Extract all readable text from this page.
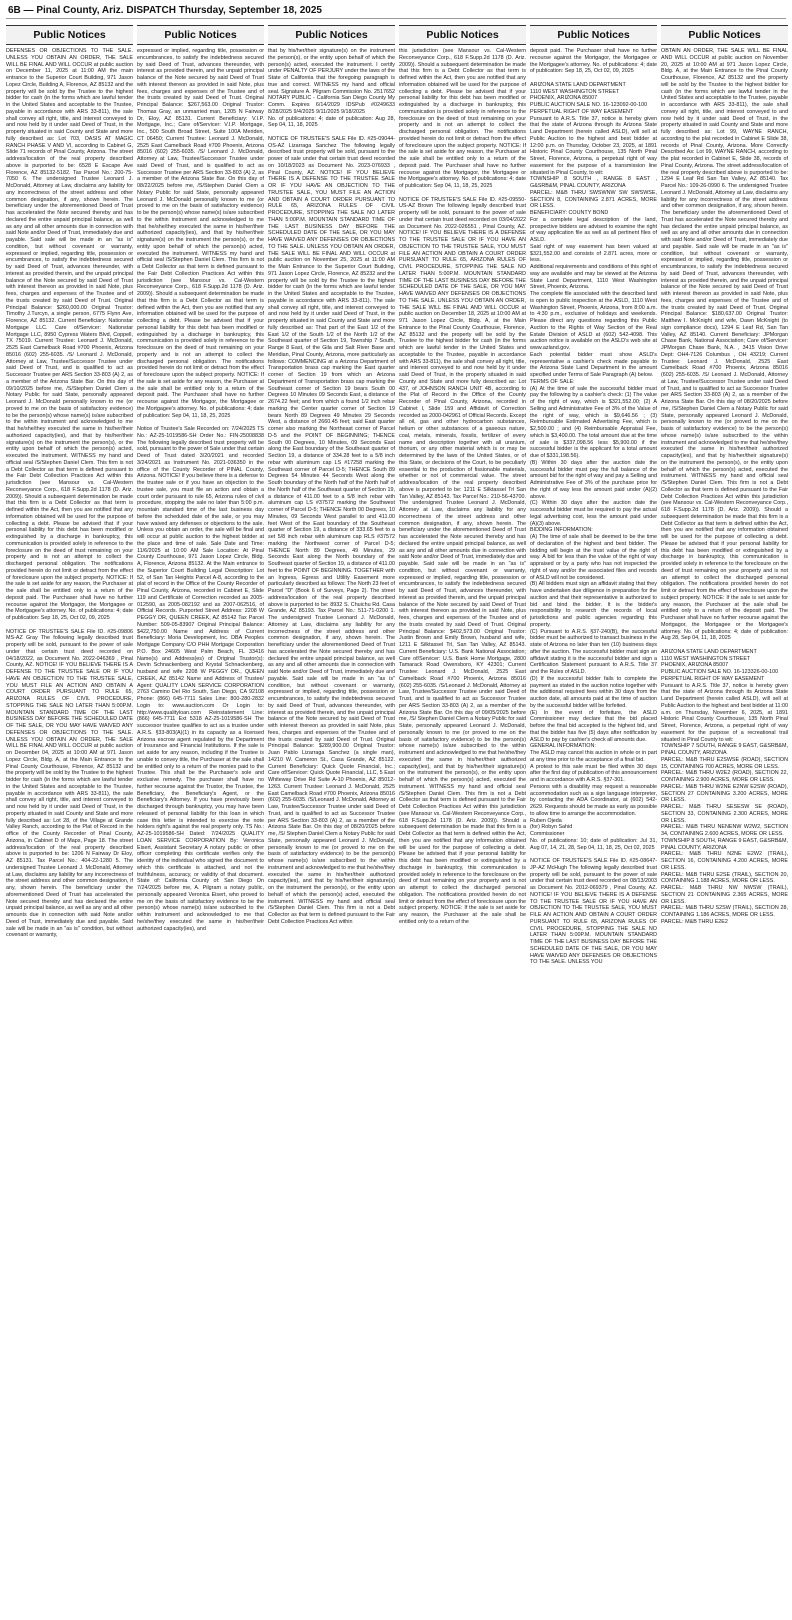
6B — Pinal County, Ariz. DISPATCH Thursday, September 18, 2025
Public Notices
DEFENSES OR OBJECTIONS TO THE SALE. UNLESS YOU OBTAIN AN ORDER, THE SALE WILL BE FINAL AND WILL OCCUR at public auction on December 11, 2025 at 11:00 AM the main entrance to the Superior Court Building, 971 Jason Lopez Circle, Building A, Florence, AZ 85132 and the property will be sold by the Trustee to the highest bidder for cash (in the forms which are lawful tender in the United States and acceptable to the Trustee, payable in accordance with ARS 33-811), the sale shall convey all right, title, and interest conveyed to and now held by it under said Deed of Trust, in the property situated in said County and State and more fully described as: Lot 703, OASIS AT MAGIC RANCH PHASE V AND VI, according to Cabinet G, Slide 71 records of Pinal County, Arizona. The street address/location of the real property described above is purported to be: 6528 E Escape Ave Florence, AZ 85132-5182. Tax Parcel No.: 200-75-7050 6. The undersigned Trustee Leonard J. McDonald, Attorney at Law, disclaims any liability for any incorrectness of the street address and other common designation, if any, shown herein. The beneficiary under the aforementioned Deed of Trust has accelerated the Note secured thereby and has declared the entire unpaid principal balance, as well as any and all other amounts due in connection with said Note and/or Deed of Trust, immediately due and payable. Said sale will be made in an "as is" condition, but without covenant or warranty, expressed or implied, regarding title, possession or encumbrances, to satisfy the indebtedness secured by said Deed of Trust, advances thereunder, with interest as provided therein, and the unpaid principal balance of the Note secured by said Deed of Trust with interest thereon as provided in said Note, plus fees, charges and expenses of the Trustee and of the trusts created by said Deed of Trust. Original Principal Balance: $260,000.00 Original Trustor: Timothy J.Turcyn, a single person, 6775 Flynn Ave, Florence, AZ 85132. Current Beneficiary: Nationstar Mortgage LLC. Care of/Servicer: Nationstar Mortgage LLC, 8950 Cypress Waters Blvd, Coppell, TX 75019. Current Trustee: Leonard J. McDonald, 2525 East Camelback Road #700 Phoenix, Arizona 85016 (602) 255-6035. /S/ Leonard J. McDonald, Attorney at Law, Trustee/Successor Trustee under said Deed of Trust, and is qualified to act as Successor Trustee per ARS Section 33-803 (A) 2, as a member of the Arizona State Bar. On this day of 09/10/2025 before me, /S/Stephen Daniel Clem a Notary Public for said State, personally appeared Leonard J. McDonald personally known to me (or proved to me on the basis of satisfactory evidence) to be the person(s) whose name(s) is/are subscribed to the within instrument and acknowledged to me that he/she/they executed the same in his/her/their authorized capacity(ies), and that by his/her/their signature(s) on the instrument the person(s), or the entity upon behalf of which the person(s) acted, executed the instrument. WITNESS my hand and official seal /S/Stephen Daniel Clem. This firm is not a Debt Collector as that term is defined pursuant to the Fair Debt Collection Practices Act within this jurisdiction (see Mansour vs. Cal-Western Reconveyance Corp., 618 F.Supp.2d 1178 (D. Ariz. 2009)). Should a subsequent determination be made that this firm is a Debt Collector as that term is defined within the Act, then you are notified that any information obtained will be used for the purpose of collecting a debt. Please be advised that if your personal liability for this debt has been modified or extinguished by a discharge in bankruptcy, this communication is provided solely in reference to the foreclosure on the deed of trust remaining on your property and is not an attempt to collect the discharged personal obligation. The notifications provided herein do not limit or detract from the effect of foreclosure upon the subject property. NOTICE: If the sale is set aside for any reason, the Purchaser at the sale shall be entitled only to a return of the deposit paid. The Purchaser shall have no further recourse against the Mortgagor, the Mortgagee or the Mortgagee's attorney. No. of publications: 4; date of publication: Sep 18, 25, Oct 02, 09, 2025

NOTICE OF TRUSTEE'S SALE File ID. #25-09806 MS-AZ Gray The following legally described trust property will be sold, pursuant to the power of sale under that certain trust deed recorded on 04/18/2022, as Document No. 2022-046369 , Pinal County, AZ. NOTICE! IF YOU BELIEVE THERE IS A DEFENSE TO THE TRUSTEE SALE OR IF YOU HAVE AN OBJECTION TO THE TRUSTEE SALE, YOU MUST FILE AN ACTION AND OBTAIN A COURT ORDER PURSUANT TO RULE 65, ARIZONA RULES OF CIVIL PROCEDURE, STOPPING THE SALE NO LATER THAN 5:00P.M. MOUNTAIN STANDARD TIME OF THE LAST BUSINESS DAY BEFORE THE SCHEDULED DATE OF THE SALE, OR YOU MAY HAVE WAIVED ANY DEFENSES OR OBJECTIONS TO THE SALE. UNLESS YOU OBTAIN AN ORDER, THE SALE WILL BE FINAL AND WILL OCCUR at public auction on December 04, 2025 at 10:00 AM at 971 Jason Lopez Circle, Bldg. A, at the Main Entrance to the Pinal County Courthouse, Florence, AZ 85132 and the property will be sold by the Trustee to the highest bidder for cash (in the forms which are lawful tender in the United States and acceptable to the Trustee, payable in accordance with ARS 33-811), the sale shall convey all right, title, and interest conveyed to and now held by it under said Deed of Trust, in the property situated in said County and State and more fully described as: Lot 28, of the Village at Grande Valley Ranch, according to the Plat of Record in the office of the County Recorder of Pinal County, Arizona, in Cabinet D of Maps, Page 18. The street address/location of the real property described above is purported to be: 1206 N Fairway Dr Eloy, AZ 85131. Tax Parcel No.: 404-22-1280 5. The undersigned Trustee Leonard J. McDonald, Attorney at Law, disclaims any liability for any incorrectness of the street address and other common designation, if any, shown herein. The beneficiary under the aforementioned Deed of Trust has accelerated the Note secured thereby and has declared the entire unpaid principal balance, as well as any and all other amounts due in connection with said Note and/or Deed of Trust, immediately due and payable. Said sale will be made in an "as is" condition, but without covenant or warranty,
Public Notices
expressed or implied, regarding title, possession or encumbrances, to satisfy the indebtedness secured by said Deed of Trust, advances thereunder, with interest as provided therein, and the unpaid principal balance of the Note secured by said Deed of Trust with interest thereon as provided in said Note, plus fees, charges and expenses of the Trustee and of the trusts created by said Deed of Trust. Original Principal Balance: $267,563.00 Original Trustor: Thomas Gray, an unmarried man, 1205 N Fairway Dr, Eloy, AZ 85131. Current Beneficiary: V.I.P. Mortgage, Inc.; Care of/Servicer: V.I.P. Mortgage, Inc., 500 South Broad Street, Suite 100A Meriden, CT 06450; Current Trustee: Leonard J. McDonald, 2525 East Camelback Road #700 Phoenix, Arizona 85016 (602) 255-6035. /S/ Leonard J. McDonald, Attorney at Law, Trustee/Successor Trustee under said Deed of Trust, and is qualified to act as Successor Trustee per ARS Section 33-803 (A) 2, as a member of the Arizona State Bar. On this day of 08/22/2025 before me, /S/Stephen Daniel Clem a Notary Public for said State, personally appeared Leonard J. McDonald personally known to me (or proved to me on the basis of satisfactory evidence) to be the person(s) whose name(s) is/are subscribed to the within instrument and acknowledged to me that he/she/they executed the same in his/her/their authorized capacity(ies), and that by his/her/their signature(s) on the instrument the person(s), or the entity upon behalf of which the person(s) acted, executed the instrument. WITNESS my hand and official seal /S/Stephen Daniel Clem. This firm is not a Debt Collector as that term is defined pursuant to the Fair Debt Collection Practices Act within this jurisdiction (see Mansour vs. Cal-Western Reconveyance Corp., 618 F.Supp.2d 1178 (D. Ariz. 2009)). Should a subsequent determination be made that this firm is a Debt Collector as that term is defined within the Act, then you are notified that any information obtained will be used for the purpose of collecting a debt. Please be advised that if your personal liability for this debt has been modified or extinguished by a discharge in bankruptcy, this communication is provided solely in reference to the foreclosure on the deed of trust remaining on your property and is not an attempt to collect the discharged personal obligation. The notifications provided herein do not limit or detract from the effect of foreclosure upon the subject property. NOTICE: If the sale is set aside for any reason, the Purchaser at the sale shall be entitled only to a return of the deposit paid. The Purchaser shall have no further recourse against the Mortgagor, the Mortgagee or the Mortgagee's attorney. No. of publications: 4; date of publication: Sep 04, 11, 18, 25, 2025

Notice of Trustee's Sale Recorded on: 7/24/2025 TS No.: AZ-25-1019586-SH Order No.: FIN-25008838 The following legally described trust property will be sold, pursuant to the power of Sale under that certain Deed of Trust dated 3/20/2021 and recorded 3/24/2021 as Instrument No. 2021-036350 in the office of the County Recorder of PINAL County, Arizona. NOTICE! If you believe there is a defense to the trustee sale or if you have an objection to the trustee sale, you must file an action and obtain a court order pursuant to rule 65, Arizona rules of civil procedure, stopping the sale no later than 5:00 p.m. mountain standard time of the last business day before the scheduled date of the sale, or you may have waived any defenses or objections to the sale. Unless you obtain an order, the sale will be final and will occur at public auction to the highest bidder at the place and time of sale. Sale Date and Time: 11/6/2025 at 10:00 AM Sale Location: At Pinal County Courthouse, 971 Jason Lopez Circle, Bldg. A, Florence, Arizona 85132. At the Main entrance to the Superior Court Building Legal Description: Lot 52, of San Tan Heights Parcel A-8, according to the plat of record in the Office of the County Recorder of Pinal County, Arizona, recorded in Cabinet E, Slide 119 and Certificate of Correction recorded as 2005-012590, as 2005-082192 and as 2007-062516, of Official Records. Purported Street Address: 2208 W PEGGY DR, QUEEN CREEK, AZ 85142 Tax Parcel Number: 509-05-83907 Original Principal Balance: $422,750.00 Name and Address of Current Beneficiary: Moria Development, Inc. DBA Peoples Mortgage Company C/O PHH Mortgage Corporation P.O. Box 24605 West Palm Beach, FL 33416 Name(s) and Address(es) of Original Trustor(s): Devin Schnackenberg and Krystal Schnackenberg, husband and wife 2208 W PEGGY DR., QUEEN CREEK, AZ 85142 Name and Address of Trustee/ Agent: QUALITY LOAN SERVICE CORPORATION 2763 Camino Del Rio South, San Diego, CA 92108 Phone: (866) 645-7711 Sales Line: 800-280-2832 Login to: www.auction.com Or Login to: http://www.qualityloan.com Reinstatement Line: (866) 645-7711 Ext 5318 AZ-25-1019586-SH The successor trustee qualifies to act as a trustee under A.R.S. §33-803(A)(1) in its capacity as a licensed Arizona escrow agent regulated by the Department of Insurance and Financial Institutions. If the sale is set aside for any reason, including if the Trustee is unable to convey title, the Purchaser at the sale shall be entitled only to a return of the monies paid to the Trustee. This shall be the Purchaser's sole and exclusive remedy. The purchaser shall have no further recourse against the Trustor, the Trustee, the Beneficiary, the Beneficiary's Agent, or the Beneficiary's Attorney. If you have previously been discharged through bankruptcy, you may have been released of personal liability for this loan in which case this letter is intended to exercise the note holders right's against the real property only. TS No.: AZ-25-1019586-SH Dated: 7/24/2025 QUALITY LOAN SERVICE CORPORATION By: Veronica Eisert, Assistant Secretary A notary public or other officer completing this certificate verifies only the identity of the individual who signed the document to which this certificate is attached, and not the truthfulness, accuracy, or validity of that document. State of: California County of: San Diego On 7/24/2025 before me, A. Pilgram a notary public, personally appeared Veronica Eisert, who proved to me on the basis of satisfactory evidence to be the person(s) whose name(s) is/are subscribed to the within instrument and acknowledged to me that he/she/they executed the same in his/her/their authorized capacity(ies), and
Public Notices
that by his/her/their signature(s) on the instrument the person(s), or the entity upon behalf of which the person(s) acted, executed the instrument. I certify under PENALTY OF PERJURY under the laws of the State of California that the foregoing paragraph is true and correct. WITNESS my hand and official seal. Signature A. Pilgram Commission No. 2517652 NOTARY PUBLIC - California San Diego County My Comm. Expires 6/14/2029 IDSPub #0249633 8/28/2025 9/4/2025 9/11/2025 9/18/2025
No. of publications: 4; date of publication: Aug 28, Sep 04, 11, 18, 2025

NOTICE OF TRUSTEE'S SALE File ID. #25-09044-OS-AZ Lizarraga Sanchez The following legally described trust property will be sold, pursuant to the power of sale under that certain trust deed recorded on 10/18/2023 as Document No. 2023-076933 , Pinal County, AZ. NOTICE! IF YOU BELIEVE THERE IS A DEFENSE TO THE TRUSTEE SALE OR IF YOU HAVE AN OBJECTION TO THE TRUSTEE SALE, YOU MUST FILE AN ACTION AND OBTAIN A COURT ORDER PURSUANT TO RULE 65, ARIZONA RULES OF CIVIL PROCEDURE, STOPPING THE SALE NO LATER THAN 5:00P.M. MOUNTAIN STANDARD TIME OF THE LAST BUSINESS DAY BEFORE THE SCHEDULED DATE OF THE SALE, OR YOU MAY HAVE WAIVED ANY DEFENSES OR OBJECTIONS TO THE SALE. UNLESS YOU OBTAIN AN ORDER, THE SALE WILL BE FINAL AND WILL OCCUR at public auction on November 25, 2025 at 11:00 AM the Main Entrance to the Superior Court Building, 971 Jason Lopez Circle, Florence, AZ 85232 and the property will be sold by the Trustee to the highest bidder for cash (in the forms which are lawful tender in the United States and acceptable to the Trustee, payable in accordance with ARS 33-811). The sale shall convey all right, title, and interest conveyed to and now held by it under said Deed of Trust, in the property situated in said County and State and more fully described as: That part of the East 1/2 of the East 1/2 of the South 1/2 of the North 1/2 of the Southeast quarter of Section 19, Township 7 South, Range 8 East, of the Gila and Salt River Base and Meridian, Pinal County, Arizona, more particularly as follows: COMMENCING at a Arizona Department of Transportation brass cap marking the East quarter corner of Section 19 from which an Arizona Department of Transportation brass cap marking the Southeast corner of Section 19 bears South 00 Degrees 10 Minutes 09 Seconds East, a distance of 2674.22 feet; and from which a found 1/2 inch rebar marking the Center quarter corner of Section 19 bears North 89 Degrees 49 Minutes 29 Seconds West, a distance of 2660.45 feet; said East quarter corner also marking the Northeast corner of Parcel D-5 and the POINT OF BEGINNING; THENCE South 00 Degrees, 10 Minutes, 09 Seconds East along the East boundary of the Southeast quarter of Section 19, a distance of 334.28 feet to a 5/8 inch rebar with aluminum cap LS #17258 marking the Southeast corner of Parcel D-5; THENCE South 89 Degrees 54 Minutes 44 Seconds West along the South boundary of the North half of the North half of the North half of the Southeast quarter of Section 19, a distance of 411.00 feet to a 5/8 inch rebar with aluminum cap LS #37572 marking the Southwest corner of Parcel D-5; THENCE North 00 Degrees, 10 Minutes, 09 Seconds West parallel to and 411.00 feet West of the East boundary of the Southeast quarter of Section 19, a distance of 333.65 feet to a set 5/8 inch rebar with aluminum cap RLS #37572 marking the Northwest corner of Parcel D-5; THENCE North 89 Degrees, 49 Minutes, 29 Seconds East along the North boundary of the Southeast quarter of Section 19, a distance of 411.00 feet to the POINT OF BEGINNING. TOGETHER with an Ingress, Egress and Utility Easement more particularly described as follows: The North 23 feet of Parcel "D" (Book 6 of Surveys, Page 2). The street address/location of the real property described above is purported to be: 8932 S. Chuichu Rd. Casa Grande, AZ 85193. Tax Parcel No.: 511-71-0200 1. The undersigned Trustee Leonard J. McDonald, Attorney at Law, disclaims any liability for any incorrectness of the street address and other common designation, if any, shown herein. The beneficiary under the aforementioned Deed of Trust has accelerated the Note secured thereby and has declared the entire unpaid principal balance, as well as any and all other amounts due in connection with said Note and/or Deed of Trust, immediately due and payable. Said sale will be made in an "as is" condition, but without covenant or warranty, expressed or implied, regarding title, possession or encumbrances, to satisfy the indebtedness secured by said Deed of Trust, advances thereunder, with interest as provided therein, and the unpaid principal balance of the Note secured by said Deed of Trust with interest thereon as provided in said Note, plus fees, charges and expenses of the Trustee and of the trusts created by said Deed of Trust. Original Principal Balance: $289,900.00 Original Trustor: Juan Pablo Lizarraga Sanchez (a single man), 14210 W. Cameron St., Casa Grande, AZ 85122. Current Beneficiary: Quick Quote Financial, Inc.; Care of/Servicer: Quick Quote Financial, LLC, 5 East Whiteway Drive Rd Suite A-10 Phoenix, AZ 85012-1263. Current Trustee: Leonard J. McDonald, 2525 East Camelback Road #700 Phoenix, Arizona 85016 (602) 255-6035. /S/Leonard J. McDonald, Attorney at Law, Trustee/Successor Trustee under said Deed of Trust, and is qualified to act as Successor Trustee per ARS Section 33-803 (A) 2, as a member of the Arizona State Bar. On this day of 08/20/2025 before me, /S/ Stephen Daniel Clem a Notary Public for said State, personally appeared Leonard J. McDonald, personally known to me (or proved to me on the basis of satisfactory evidence) to be the person(s) whose name(s) is/are subscribed to the within instrument and acknowledged to me that he/she/they executed the same in his/her/their authorized capacity(ies), and that by his/her/their signature(s) on the instrument the person(s), or the entity upon behalf of which the person(s) acted, executed the instrument. WITNESS my hand and official seal /S/Stephen Daniel Clem. This firm is not a Debt Collector as that term is defined pursuant to the Fair Debt Collection Practices Act within
Public Notices
this jurisdiction (see Mansour vs. Cal-Western Reconveyance Corp., 618 F.Supp.2d 1178 (D. Ariz. 2009)). Should a subsequent determination be made that this firm is a Debt Collector as that term is defined within the Act, then you are notified that any information obtained will be used for the purpose of collecting a debt. Please be advised that if your personal liability for this debt has been modified or extinguished by a discharge in bankruptcy, this communication is provided solely in reference to the foreclosure on the deed of trust remaining on your property and is not an attempt to collect the discharged personal obligation. The notifications provided herein do not limit or detract from the effect of foreclosure upon the subject property. NOTICE: If the sale is set aside for any reason, the Purchaser at the sale shall be entitled only to a return of the deposit paid. The Purchaser shall have no further recourse against the Mortgagor, the Mortgagee or the Mortgagee's attorney. No. of publications: 4; date of publication: Sep 04, 11, 18, 25, 2025

NOTICE OF TRUSTEE'S SALE File ID. #25-09550-US-AZ Brown The following legally described trust property will be sold, pursuant to the power of sale under that certain trust deed recorded on 03/04/2022 as Document No. 2022-026551 , Pinal County, AZ. NOTICE! IF YOU BELIEVE THERE IS A DEFENSE TO THE TRUSTEE SALE OR IF YOU HAVE AN OBJECTION TO THE TRUSTEE SALE, YOU MUST FILE AN ACTION AND OBTAIN A COURT ORDER PURSUANT TO RULE 65, ARIZONA RULES OF CIVIL PROCEDURE, STOPPING THE SALE NO LATER THAN 5:00P.M. MOUNTAIN STANDARD TIME OF THE LAST BUSINESS DAY BEFORE THE SCHEDULED DATE OF THE SALE, OR YOU MAY HAVE WAIVED ANY DEFENSES OR OBJECTIONS TO THE SALE. UNLESS YOU OBTAIN AN ORDER, THE SALE WILL BE FINAL AND WILL OCCUR at public auction on December 18, 2025 at 10:00 AM at 971 Jason Lopez Circle, Bldg. A, at the Main Entrance to the Pinal County Courthouse, Florence, AZ 85132 and the property will be sold by the Trustee to the highest bidder for cash (in the forms which are lawful tender in the United States and acceptable to the Trustee, payable in accordance with ARS 33-811), the sale shall convey all right, title, and interest conveyed to and now held by it under said Deed of Trust, in the property situated in said County and State and more fully described as: Lot 437, of JOHNSON RANCH UNIT 4B, according to the Plat of Record in the Office of the County Recorder of Pinal County, Arizona, recorded in Cabinet I, Slide 159 and Affidavit of Correction recorded as 2000-042961 of Official Records. Except all oil, gas and other hydrocarbon substances, helium or other substances of a gaseous nature, coal, metals, minerals, fossils, fertilizer of every name and description together with all uranium, thorium, or any other material which is or may be determined by the laws of the United States, or of this State, or decisions of the Court, to be peculiarly essential to the production of fissionable materials, whether or not of commercial value. The street address/location of the real property described above is purported to be: 1211 E Silktassel Trl San Tan Valley, AZ 85143. Tax Parcel No.: 210-56-43700. The undersigned Trustee Leonard J. McDonald, Attorney at Law, disclaims any liability for any incorrectness of the street address and other common designation, if any, shown herein. The beneficiary under the aforementioned Deed of Trust has accelerated the Note secured thereby and has declared the entire unpaid principal balance, as well as any and all other amounts due in connection with said Note and/or Deed of Trust, immediately due and payable. Said sale will be made in an "as is" condition, but without covenant or warranty, expressed or implied, regarding title, possession or encumbrances, to satisfy the indebtedness secured by said Deed of Trust, advances thereunder, with interest as provided therein, and the unpaid principal balance of the Note secured by said Deed of Trust with interest thereon as provided in said Note, plus fees, charges and expenses of the Trustee and of the trusts created by said Deed of Trust. Original Principal Balance: $402,573.00 Original Trustor: Justin Brown and Emily Brown, husband and wife, 1211 E Silktassel Trl, San Tan Valley, AZ 85143. Current Beneficiary: U.S. Bank National Association; Care of/Servicer: U.S. Bank Home Mortgage, 2800 Tamarack Road Owensboro, KY 42301; Current Trustee: Leonard J. McDonald, 2525 East Camelback Road #700 Phoenix, Arizona 85016 (602) 255-6035. /S/Leonard J. McDonald, Attorney at Law, Trustee/Successor Trustee under said Deed of Trust, and is qualified to act as Successor Trustee per ARS Section 33-803 (A) 2, as a member of the Arizona State Bar. On this day of 09/05/2025 before me, /S/ Stephen Daniel Clem a Notary Public for said State, personally appeared Leonard J. McDonald, personally known to me (or proved to me on the basis of satisfactory evidence) to be the person(s) whose name(s) is/are subscribed to the within instrument and acknowledged to me that he/she/they executed the same in his/her/their authorized capacity(ies), and that by his/her/their signature(s) on the instrument the person(s), or the entity upon behalf of which the person(s) acted, executed the instrument. WITNESS my hand and official seal /S/Stephen Daniel Clem. This firm is not a Debt Collector as that term is defined pursuant to the Fair Debt Collection Practices Act within this jurisdiction (see Mansour vs. Cal-Western Reconveyance Corp., 618 F.Supp.2d 1178 (D. Ariz. 2009)). Should a subsequent determination be made that this firm is a Debt Collector as that term is defined within the Act, then you are notified that any information obtained will be used for the purpose of collecting a debt. Please be advised that if your personal liability for this debt has been modified or extinguished by a discharge in bankruptcy, this communication is provided solely in reference to the foreclosure on the deed of trust remaining on your property and is not an attempt to collect the discharged personal obligation. The notifications provided herein do not limit or detract from the effect of foreclosure upon the subject property. NOTICE: If the sale is set aside for any reason, the Purchaser at the sale shall be entitled only to a return of the
Public Notices
deposit paid. The Purchaser shall have no further recourse against the Mortgagor, the Mortgagee or the Mortgagee's attorney. No. of publications: 4; date of publication: Sep 18, 25, Oct 02, 09, 2025

ARIZONA STATE LAND DEPARTMENT
1110 WEST WASHINGTON STREET
PHOENIX, ARIZONA 85007
PUBLIC AUCTION SALE NO. 16-123092-00-100
PERPETUAL RIGHT OF WAY EASEMENT
Pursuant to A.R.S. Title 37, notice is hereby given that the state of Arizona through its Arizona State Land Department (herein called ASLD), will sell at Public Auction to the highest and best bidder at 12:00 p.m. on Thursday, October 23, 2025, at 1891 Historic Pinal County Courthouse, 135 North Pinal Street, Florence, Arizona, a perpetual right of way easement for the purpose of a transmission line situated in Pinal County, to wit:
TOWNSHIP 8 SOUTH , RANGE 8 EAST , G&SRB&M, PINAL COUNTY, ARIZONA
PARCEL: M&B THRU SWSWNW SW SWSWSE, SECTION 8, CONTAINING 2.871 ACRES, MORE OR LESS.
BENEFICIARY: COUNTY BOND
For a complete legal description of the land, prospective bidders are advised to examine the right of way application file as well as all pertinent files of ASLD.
Said right of way easement has been valued at $321,552.00 and consists of 2.871 acres, more or less.
Additional requirements and conditions of this right of way are available and may be viewed at the Arizona State Land Department, 1110 West Washington Street, Phoenix, Arizona.
The complete file associated with the described land is open to public inspection at the ASLD, 1110 West Washington Street, Phoenix, Arizona, from 8:00 a.m. to 4:30 p.m., exclusive of holidays and weekends. Please direct any questions regarding this Public Auction to the Rights of Way Section of the Real Estate Division of ASLD at (602) 542-4098. This auction notice is available on the ASLD's web site at www.azland.gov.
Each potential bidder must show ASLD's representative a cashier's check made payable to the Arizona State Land Department in the amount specified under Terms of Sale Paragraph (A) below.
TERMS OF SALE:
(A) At the time of sale the successful bidder must pay the following by a cashier's check: (1) The value of the right of way, which is $321,552.00; (2) A Selling and Administrative Fee of 3% of the Value of the right of way, which is $9,646.56 ; (3) Reimbursable Estimated Advertising Fee, which is $2,500.00 ; and (4) Reimbursable Appraisal Fee, which is $3,400.00. The total amount due at the time of sale is $337,098.56 less $5,900.00 if the successful bidder is the applicant for a total amount due of $331,198.56).
(B) Within 30 days after the auction date the successful bidder must pay the full balance of the amount bid for the right of way and pay a Selling and Administrative Fee of 3% of the purchase price for the right of way less the amount paid under (A)(2) above.
(C) Within 30 days after the auction date the successful bidder must be required to pay the actual legal advertising cost, less the amount paid under (A)(3) above.
BIDDING INFORMATION:
(A) The time of sale shall be deemed to be the time of declaration of the highest and best bidder. The bidding will begin at the trust value of the right of way. A bid for less than the value of the right of way appraised or by a party who has not inspected the right of way and/or the associated files and records of ASLD will not be considered.
(B) All bidders must sign an affidavit stating that they have undertaken due diligence in preparation for the auction and that their representative is authorized to bid and bind the bidder. It is the bidder's responsibility to research the records of local jurisdictions and public agencies regarding this property.
(C) Pursuant to A.R.S. §37-240(B), the successful bidder must be authorized to transact business in the state of Arizona no later than ten (10) business days after the auction. The successful bidder must sign an affidavit stating it is the successful bidder and sign a Certification Statement pursuant to A.R.S. Title 37 and the Rules of ASLD.
(D) If the successful bidder fails to complete the payment as stated in the auction notice together with the additional required fees within 30 days from the auction date, all amounts paid at the time of auction by the successful bidder will be forfeited.
(E) In the event of forfeiture, the ASLD Commissioner may declare that the bid placed before the final bid accepted is the highest bid, and that the bidder has five (5) days after notification by ASLD to pay by cashier's check all amounts due.
GENERAL INFORMATION:
The ASLD may cancel this auction in whole or in part at any time prior to the acceptance of a final bid.
A protest to this sale must be filed within 30 days after the first day of publication of this announcement and in accordance with A.R.S. §37-301.
Persons with a disability may request a reasonable accommodation such as a sign language interpreter, by contacting the ADA Coordinator, at (602) 542-2629. Requests should be made as early as possible to allow time to arrange the accommodation.
Ruben Ojeda
(for) Robyn Sahid
Commissioner
No. of publications: 10; date of publication: Jul 31, Aug 07, 14, 21, 28, Sep 04, 11, 18, 25, Oct 02, 2025

NOTICE OF TRUSTEE'S SALE File ID. #25-08647-JP-AZ McHugh The following legally described trust property will be sold, pursuant to the power of sale under that certain trust deed recorded on 08/13/2003 as Document No. 2012-069379 , Pinal County, AZ. NOTICE! IF YOU BELIEVE THERE IS A DEFENSE TO THE TRUSTEE SALE OR IF YOU HAVE AN OBJECTION TO THE TRUSTEE SALE, YOU MUST FILE AN ACTION AND OBTAIN A COURT ORDER PURSUANT TO RULE 65, ARIZONA RULES OF CIVIL PROCEDURE, STOPPING THE SALE NO LATER THAN 5:00P.M. MOUNTAIN STANDARD TIME OF THE LAST BUSINESS DAY BEFORE THE SCHEDULED DATE OF THE SALE, OR YOU MAY HAVE WAIVED ANY DEFENSES OR OBJECTIONS TO THE SALE. UNLESS YOU
Public Notices
OBTAIN AN ORDER, THE SALE WILL BE FINAL AND WILL OCCUR at public auction on November 20, 2025 at 10:00 AM at 971 Jason Lopez Circle, Bldg. A, at the Main Entrance to the Pinal County Courthouse, Florence, AZ 85132 and the property will be sold by the Trustee to the highest bidder for cash (in the forms which are lawful tender in the United States and acceptable to the Trustee, payable in accordance with ARS 33-811), the sale shall convey all right, title, and interest conveyed to and now held by it under said Deed of Trust, in the property situated in said County and State and more fully described as: Lot 99, WAYNE RANCH, according to the plat recorded in Cabinet E Slide 38, records of Pinal County, Arizona. More Correctly Described As: Lot 99, WAYNE RANCH, according to the plat recorded in Cabinet E, Slide 38, records of Pinal County, Arizona. The street address/location of the real property described above is purported to be: 1294 E Leaf Rd San Tan Valley, AZ 85140. Tax Parcel No.: 109-26-0990 6. The undersigned Trustee Leonard J. McDonald, Attorney at Law, disclaims any liability for any incorrectness of the street address and other common designation, if any, shown herein. The beneficiary under the aforementioned Deed of Trust has accelerated the Note secured thereby and has declared the entire unpaid principal balance, as well as any and all other amounts due in connection with said Note and/or Deed of Trust, immediately due and payable. Said sale will be made in an "as is" condition, but without covenant or warranty, expressed or implied, regarding title, possession or encumbrances, to satisfy the indebtedness secured by said Deed of Trust, advances thereunder, with interest as provided therein, and the unpaid principal balance of the Note secured by said Deed of Trust with interest thereon as provided in said Note, plus fees, charges and expenses of the Trustee and of the trusts created by said Deed of Trust. Original Principal Balance: $180,637.00 Original Trustor: Matthew I. McKnight and wife, Dawn McKnight (to sign compliance docs), 1294 E Leaf Rd, San Tan Valley, AZ 85140. Current Beneficiary: JPMorgan Chase Bank, National Association; Care of/Servicer: JPMorgan Chase Bank, N.A. , 3415 Vision Drive Dept: OH4-7126 Columbus , OH 43219; Current Trustee: Leonard J. McDonald, 2525 East Camelback Road #700 Phoenix, Arizona 85016 (602) 255-6035. /S/ Leonard J. McDonald, Attorney at Law, Trustee/Successor Trustee under said Deed of Trust, and is qualified to act as Successor Trustee per ARS Section 33-803 (A) 2, as a member of the Arizona State Bar. On this day of 08/20/2025 before me, /S/Stephen Daniel Clem a Notary Public for said State, personally appeared Leonard J. McDonald, personally known to me (or proved to me on the basis of satisfactory evidence) to be the person(s) whose name(s) is/are subscribed to the within instrument and acknowledged to me that he/she/they executed the same in his/her/their authorized capacity(ies), and that by his/her/their signature(s) on the instrument the person(s), or the entity upon behalf of which the person(s) acted, executed the instrument. WITNESS my hand and official seal /S/Stephen Daniel Clem. This firm is not a Debt Collector as that term is defined pursuant to the Fair Debt Collection Practices Act within this jurisdiction (see Mansour vs. Cal-Western Reconveyance Corp., 618 F.Supp.2d 1178 (D. Ariz. 2009)). Should a subsequent determination be made that this firm is a Debt Collector as that term is defined within the Act, then you are notified that any information obtained will be used for the purpose of collecting a debt. Please be advised that if your personal liability for this debt has been modified or extinguished by a discharge in bankruptcy, this communication is provided solely in reference to the foreclosure on the deed of trust remaining on your property and is not an attempt to collect the discharged personal obligation. The notifications provided herein do not limit or detract from the effect of foreclosure upon the subject property. NOTICE: If the sale is set aside for any reason, the Purchaser at the sale shall be entitled only to a return of the deposit paid. The Purchaser shall have no further recourse against the Mortgagor, the Mortgagee or the Mortgagee's attorney. No. of publications: 4; date of publication: Aug 28, Sep 04, 11, 18, 2025

ARIZONA STATE LAND DEPARTMENT
1110 WEST WASHINGTON STREET
PHOENIX, ARIZONA 85007
PUBLIC AUCTION SALE NO. 16-123326-00-100
PERPETUAL RIGHT OF WAY EASEMENT
Pursuant to A.R.S. Title 37, notice is hereby given that the state of Arizona through its Arizona State Land Department (herein called ASLD), will sell at Public Auction to the highest and best bidder at 11:00 a.m. on Thursday, November 6, 2025, at 1891 Historic Pinal County Courthouse, 135 North Pinal Street, Florence, Arizona, a perpetual right of way easement for the purpose of a recreational trail situated in Pinal County to wit:
TOWNSHIP 7 SOUTH, RANGE 9 EAST, G&SRB&M, PINAL COUNTY, ARIZONA
PARCEL: M&B THRU E2SWSE (ROAD), SECTION 15, CONTAINING 700 ACRES, MORE OR LESS.
PARCEL: M&B THRU W2E2 (ROAD), SECTION 22, CONTAINING 2.900 ACRES, MORE OR LESS.
PARCEL: M&B THRU W2NE E2NW E2SW (ROAD), SECTION 27 CONTAINING 3.200 ACRES, MORE OR LESS.
PARCEL: M&B THRU SESESW SE (ROAD), SECTION 33, CONTAINING 2.300 ACRES, MORE OR LESS.
PARCEL: M&B THRU NENENW W2W2, SECTION 34, CONTAINING 2.600 ACRES, MORE OR LESS.
TOWNSHIP 8 SOUTH, RANGE 9 EAST, G&SRB&M, PINAL COUNTY, ARIZONA
PARCEL: M&B THRU N2NE E2W2 (TRAIL), SECTION 16, CONTAINING 4.200 ACRES, MORE OR LESS.
PARCEL: M&B THRU E2SE (TRAIL), SECTION 20, CONTAINING 1.188 ACRES, MORE OR LESS.
PARCEL: M&B THRU NW NWSW (TRAIL), SECTION 21 CONTAINING 2.365 ACRES, MORE OR LESS.
PARCEL: M&B THRU S2SW (TRAIL), SECTION 28, CONTAINING 1.186 ACRES, MORE OR LESS.
PARCEL: M&B THRU E2E2
